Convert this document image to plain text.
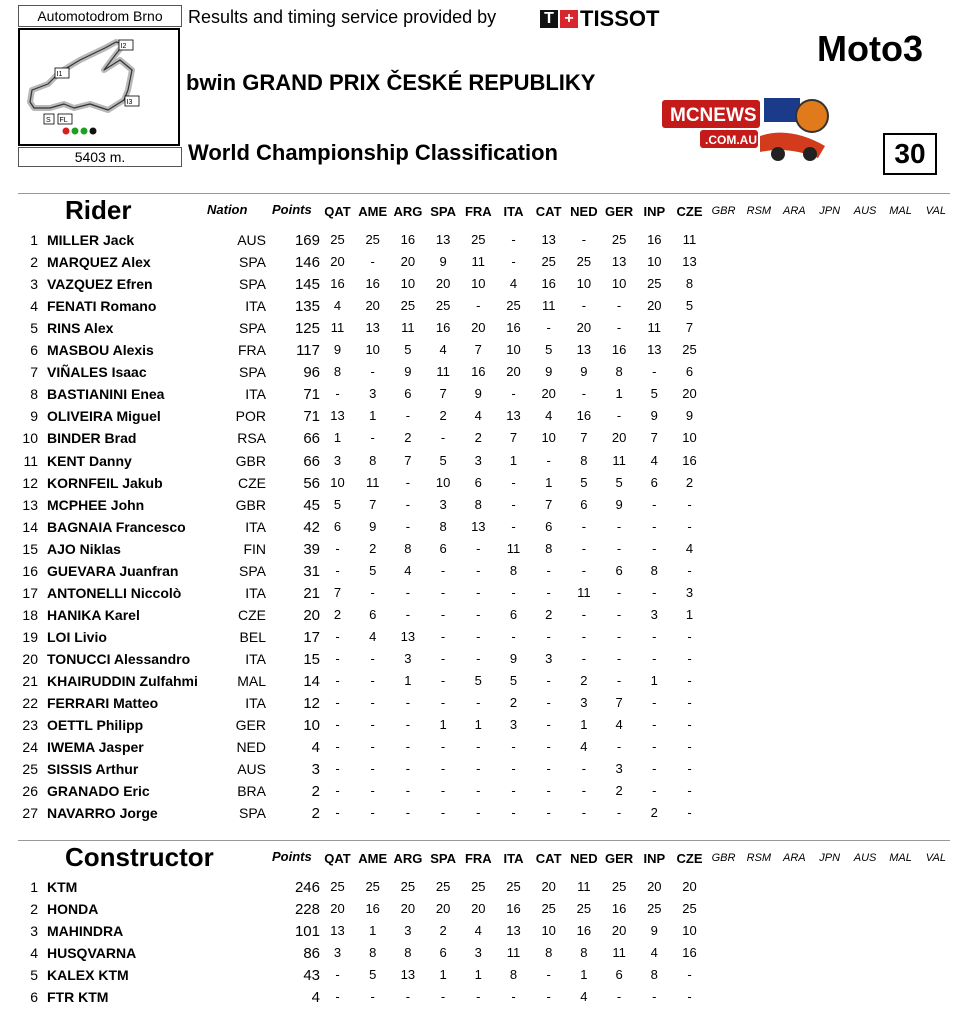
Automotodrom Brno
I1
I2
I3
S FL
5403 m.
Results and timing service provided by	T + TISSOT
Moto3
bwin GRAND PRIX ČESKÉ REPUBLIKY
World Championship Classification	30
MCNEWS
.COM.AU
Rider	Nation Points QAT AME ARG SPA FRA ITA CAT NED GER INP CZE GBR	RSM	ARA	JPN	AUS	MAL	VAL
1 MILLER Jack	AUS	169 25	25	16	13	25	-	13	-	25	16	11
2 MARQUEZ Alex	SPA	146 20	-	20	9	11	-	25	25	13	10	13
3 VAZQUEZ Efren	SPA	145 16	16	10	20	10	4	16	10	10	25	8
4 FENATI Romano	ITA	135	4	20	25	25	-	25	11	-	-	20	5
5 RINS Alex	SPA	125 11	13	11	16	20	16	-	20	-	11	7
6 MASBOU Alexis	FRA	117	9	10	5	4	7	10	5	13	16	13	25
7 VIÑALES Isaac	SPA	96	8	-	9	11	16	20	9	9	8	-	6
8 BASTIANINI Enea	ITA	71	-	3	6	7	9	-	20	-	1	5	20
9 OLIVEIRA Miguel	POR	71 13	1	-	2	4	13	4	16	-	9	9
10 BINDER Brad	RSA	66	1	-	2	-	2	7	10	7	20	7	10
11 KENT Danny	GBR	66	3	8	7	5	3	1	-	8	11	4	16
12 KORNFEIL Jakub	CZE	56 10	11	-	10	6	-	1	5	5	6	2
13 MCPHEE John	GBR	45	5	7	-	3	8	-	7	6	9	-	-
14 BAGNAIA Francesco	ITA	42	6	9	-	8	13	-	6	-	-	-	-
15 AJO Niklas	FIN	39	-	2	8	6	-	11	8	-	-	-	4
16 GUEVARA Juanfran	SPA	31	-	5	4	-	-	8	-	-	6	8	-
17 ANTONELLI Niccolò	ITA	21	7	-	-	-	-	-	-	11	-	-	3
18 HANIKA Karel	CZE	20	2	6	-	-	-	6	2	-	-	3	1
19 LOI Livio	BEL	17	-	4	13	-	-	-	-	-	-	-	-
20 TONUCCI Alessandro	ITA	15	-	-	3	-	-	9	3	-	-	-	-
21 KHAIRUDDIN Zulfahmi	MAL	14	-	-	1	-	5	5	-	2	-	1	-
22 FERRARI Matteo	ITA	12	-	-	-	-	-	2	-	3	7	-	-
23 OETTL Philipp	GER	10	-	-	-	1	1	3	-	1	4	-	-
24 IWEMA Jasper	NED	4	-	-	-	-	-	-	-	4	-	-	-
25 SISSIS Arthur	AUS	3	-	-	-	-	-	-	-	-	3	-	-
26 GRANADO Eric	BRA	2	-	-	-	-	-	-	-	-	2	-	-
27 NAVARRO Jorge	SPA	2	-	-	-	-	-	-	-	-	-	2	-
Constructor	Points QAT AME ARG SPA FRA ITA CAT NED GER INP CZE GBR	RSM	ARA	JPN	AUS	MAL	VAL
1 KTM	246 25	25	25	25	25	25	20	11	25	20	20
2 HONDA	228 20	16	20	20	20	16	25	25	16	25	25
3 MAHINDRA	101 13	1	3	2	4	13	10	16	20	9	10
4 HUSQVARNA	86	3	8	8	6	3	11	8	8	11	4	16
5 KALEX KTM	43	-	5	13	1	1	8	-	1	6	8	-
6 FTR KTM	4	-	-	-	-	-	-	-	4	-	-	-
